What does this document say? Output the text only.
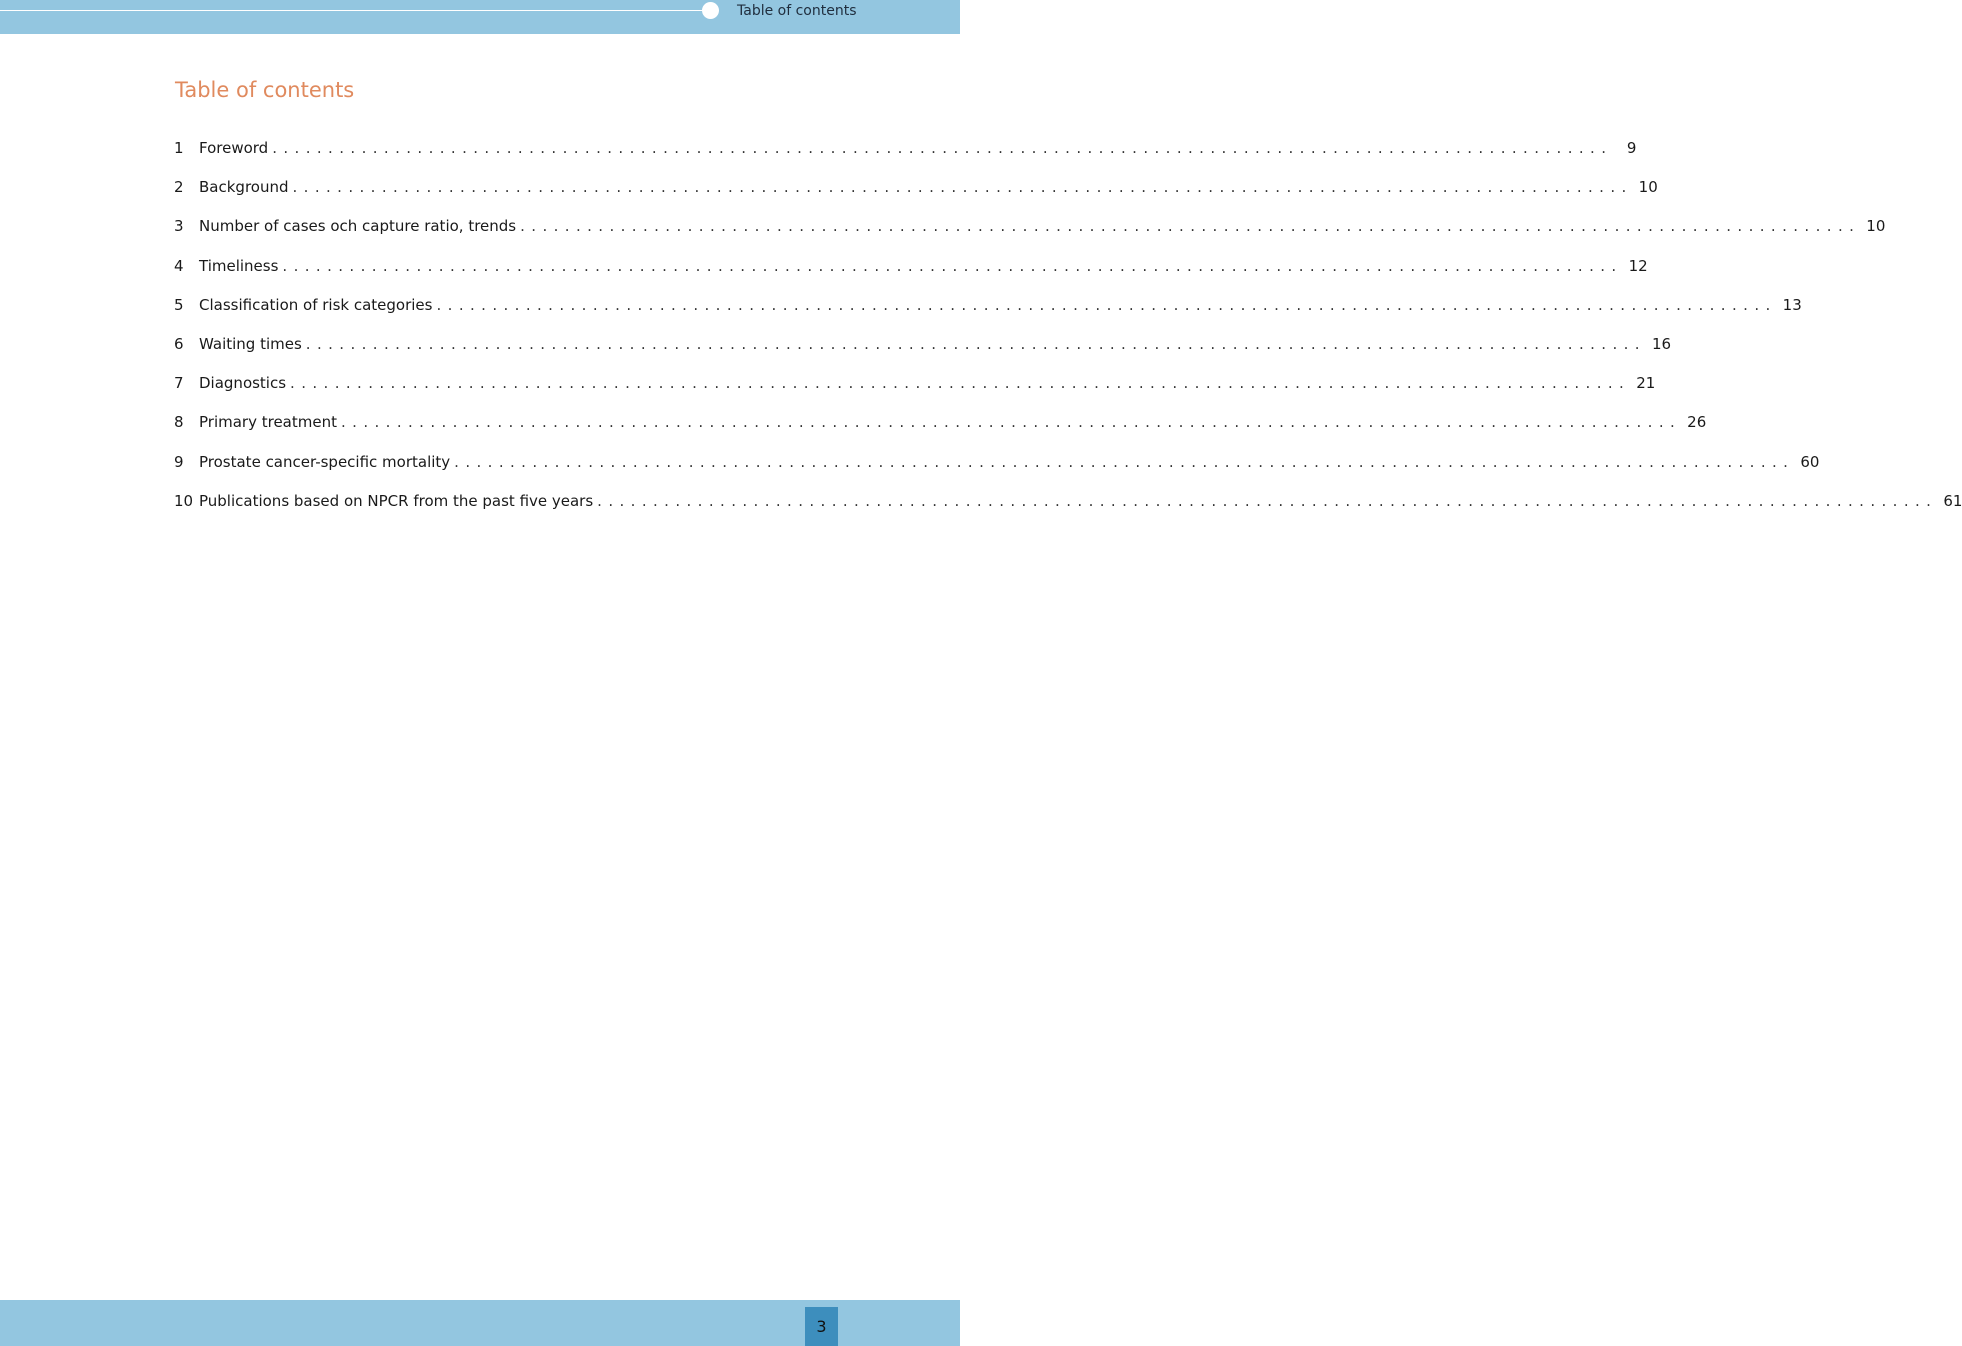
Table of contents
Table of contents
1	Foreword ........................................................................................................................ 9
2	Background ........................................................................................................................ 10
3	Number of cases och capture ratio, trends ........................................................................................................................ 10
4	Timeliness ........................................................................................................................ 12
5	Classification of risk categories ........................................................................................................................ 13
6	Waiting times ........................................................................................................................ 16
7	Diagnostics ........................................................................................................................ 21
8	Primary treatment ........................................................................................................................ 26
9	Prostate cancer-specific mortality ........................................................................................................................ 60
10 Publications based on NPCR from the past five years ........................................................................................................................ 61
3
